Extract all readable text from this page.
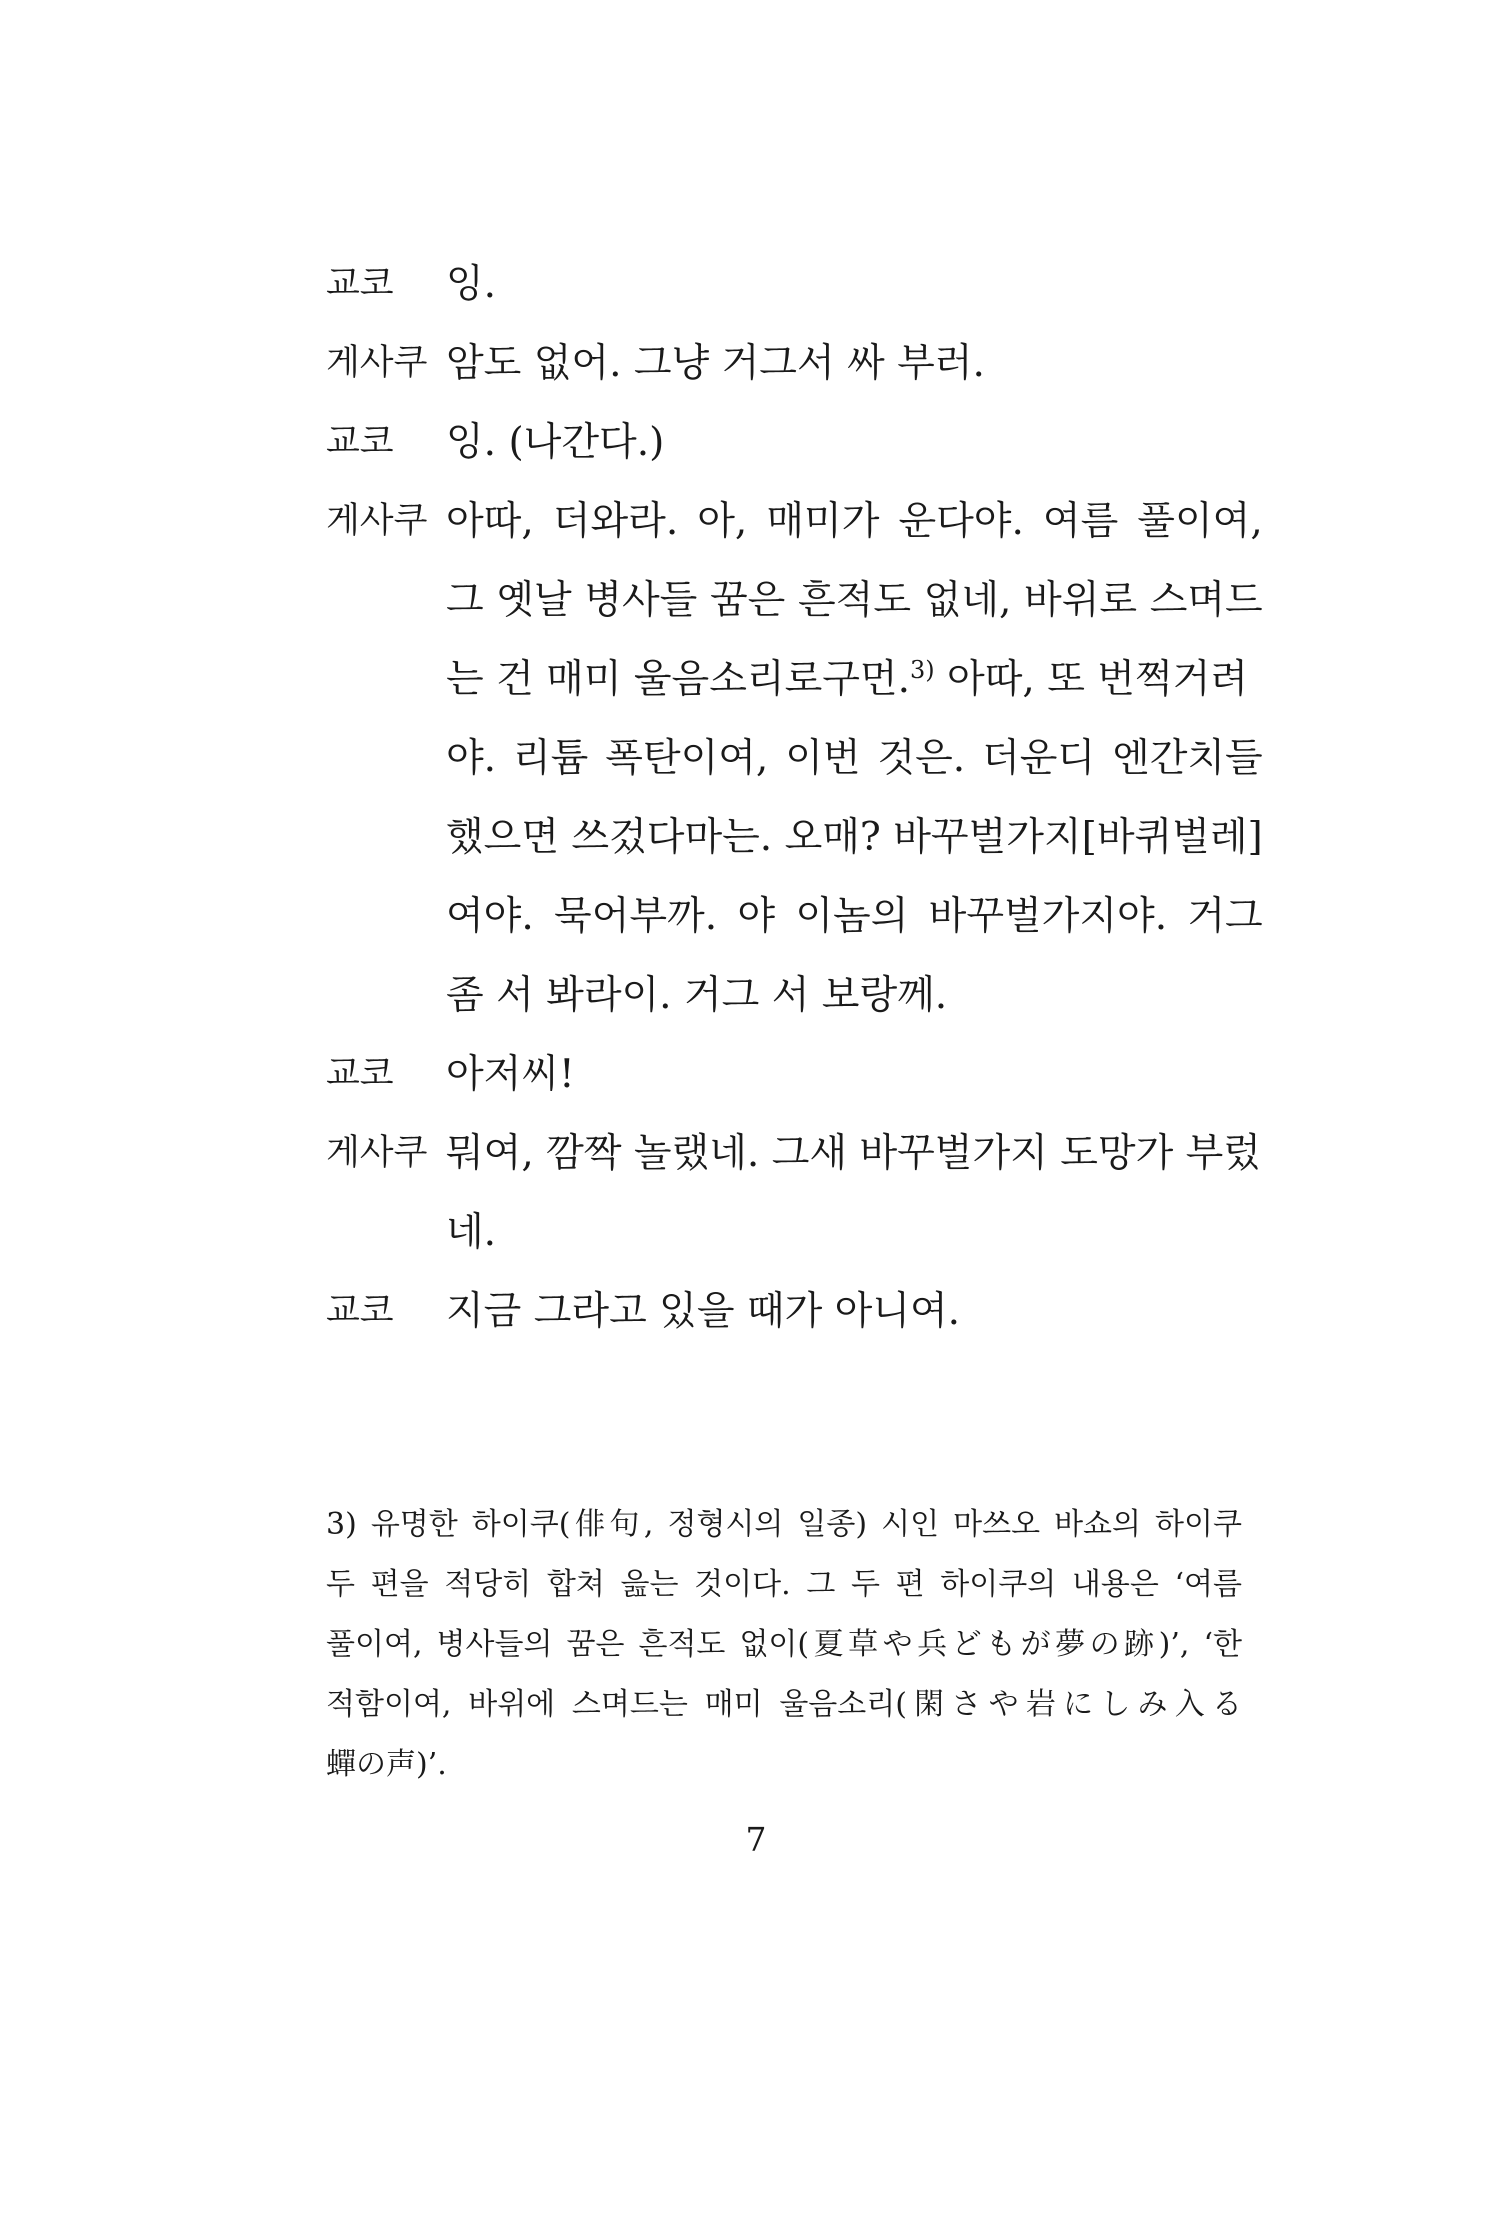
교코	잉.
게사쿠 암도 없어. 그냥 거그서 싸 부러.
교코	잉. (나간다.)
게사쿠 아따, 더와라. 아, 매미가 운다야. 여름 풀이여,
그 옛날 병사들 꿈은 흔적도 없네, 바위로 스며드
는 건 매미 울음소리로구먼.$^{3)}$ 아따, 또 번쩍거려
야. 리튬 폭탄이여, 이번 것은. 더운디 엔간치들
했으면 쓰겄다마는. 오매? 바꾸벌가지[바퀴벌레]
여야. 묵어부까. 야 이놈의 바꾸벌가지야. 거그
좀 서 봐라이. 거그 서 보랑께.
교코	아저씨!
게사쿠 뭐여, 깜짝 놀랬네. 그새 바꾸벌가지 도망가 부렀
네.
교코	지금 그라고 있을 때가 아니여.
3) 유명한 하이쿠(俳句, 정형시의 일종) 시인 마쓰오 바쇼의 하이쿠
두 편을 적당히 합쳐 읊는 것이다. 그 두 편 하이쿠의 내용은 ‘여름
풀이여, 병사들의 꿈은 흔적도 없이(夏草や兵どもが夢の跡)’, ‘한
적함이여, 바위에 스며드는 매미 울음소리(閑さや岩にしみ入る
蟬の声)’.
7
